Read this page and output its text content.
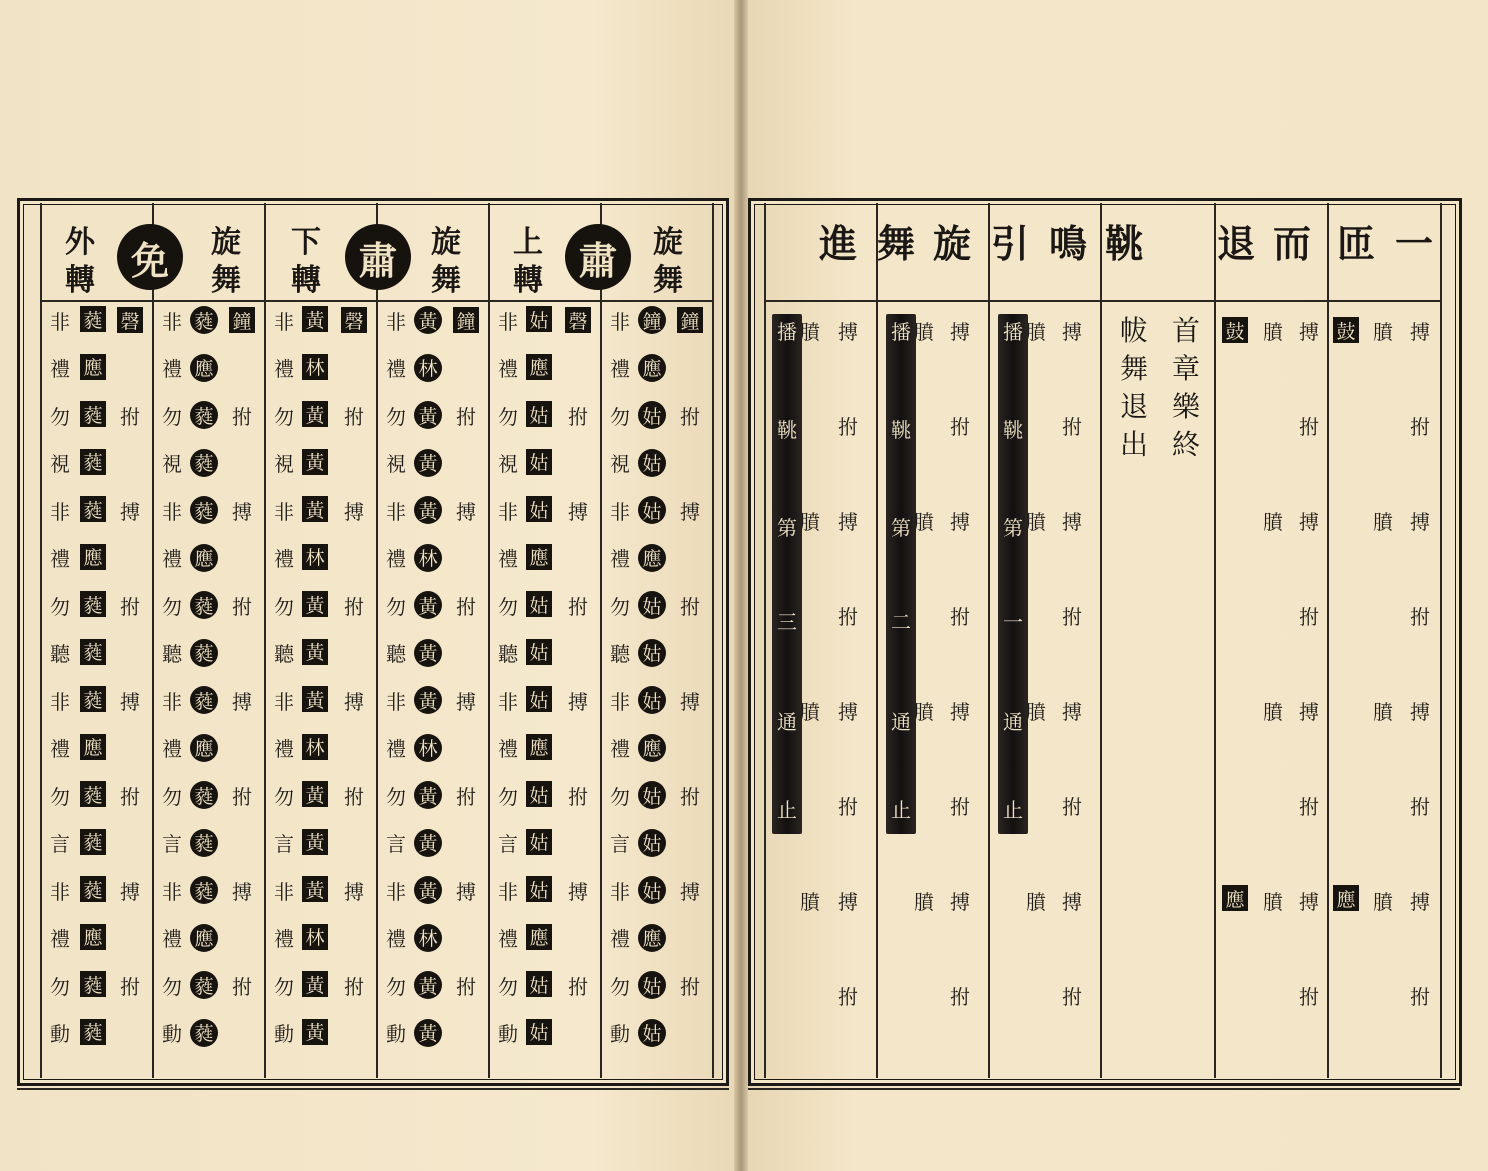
旋
舞
肅
上
轉
旋
舞
肅
下
轉
旋
舞
免
外
轉
非 鐘 鐘
禮 應
勿 姑 拊
視 姑
非 姑 搏
禮 應
勿 姑 拊
聽 姑
非 姑 搏
禮 應
勿 姑 拊
言 姑
非 姑 搏
禮 應
勿 姑 拊
動 姑
非 姑 磬
禮 應
勿 姑 拊
視 姑
非 姑 搏
禮 應
勿 姑 拊
聽 姑
非 姑 搏
禮 應
勿 姑 拊
言 姑
非 姑 搏
禮 應
勿 姑 拊
動 姑
非 黃 鐘
禮 林
勿 黃 拊
視 黃
非 黃 搏
禮 林
勿 黃 拊
聽 黃
非 黃 搏
禮 林
勿 黃 拊
言 黃
非 黃 搏
禮 林
勿 黃 拊
動 黃
非 黃 磬
禮 林
勿 黃 拊
視 黃
非 黃 搏
禮 林
勿 黃 拊
聽 黃
非 黃 搏
禮 林
勿 黃 拊
言 黃
非 黃 搏
禮 林
勿 黃 拊
動 黃
非 蕤 鐘
禮 應
勿 蕤 拊
視 蕤
非 蕤 搏
禮 應
勿 蕤 拊
聽 蕤
非 蕤 搏
禮 應
勿 蕤 拊
言 蕤
非 蕤 搏
禮 應
勿 蕤 拊
動 蕤
非 蕤 磬
禮 應
勿 蕤 拊
視 蕤
非 蕤 搏
禮 應
勿 蕤 拊
聽 蕤
非 蕤 搏
禮 應
勿 蕤 拊
言 蕤
非 蕤 搏
禮 應
勿 蕤 拊
動 蕤
一
匝
而
退
鞉
鳴
引
旋
舞
進
搏
拊
搏
拊
搏
拊
搏
拊
鼓
應
膹
膹
膹
膹
搏
拊
搏
拊
搏
拊
搏
拊
鼓
應
膹
膹
膹
膹
首
章
樂
終
帗
舞
退
出
播
鞉
第
一
通
止
搏
拊
搏
拊
搏
拊
搏
拊
膹
膹
膹
膹
播
鞉
第
二
通
止
搏
拊
搏
拊
搏
拊
搏
拊
膹
膹
膹
膹
播
鞉
第
三
通
止
搏
拊
搏
拊
搏
拊
搏
拊
膹
膹
膹
膹
